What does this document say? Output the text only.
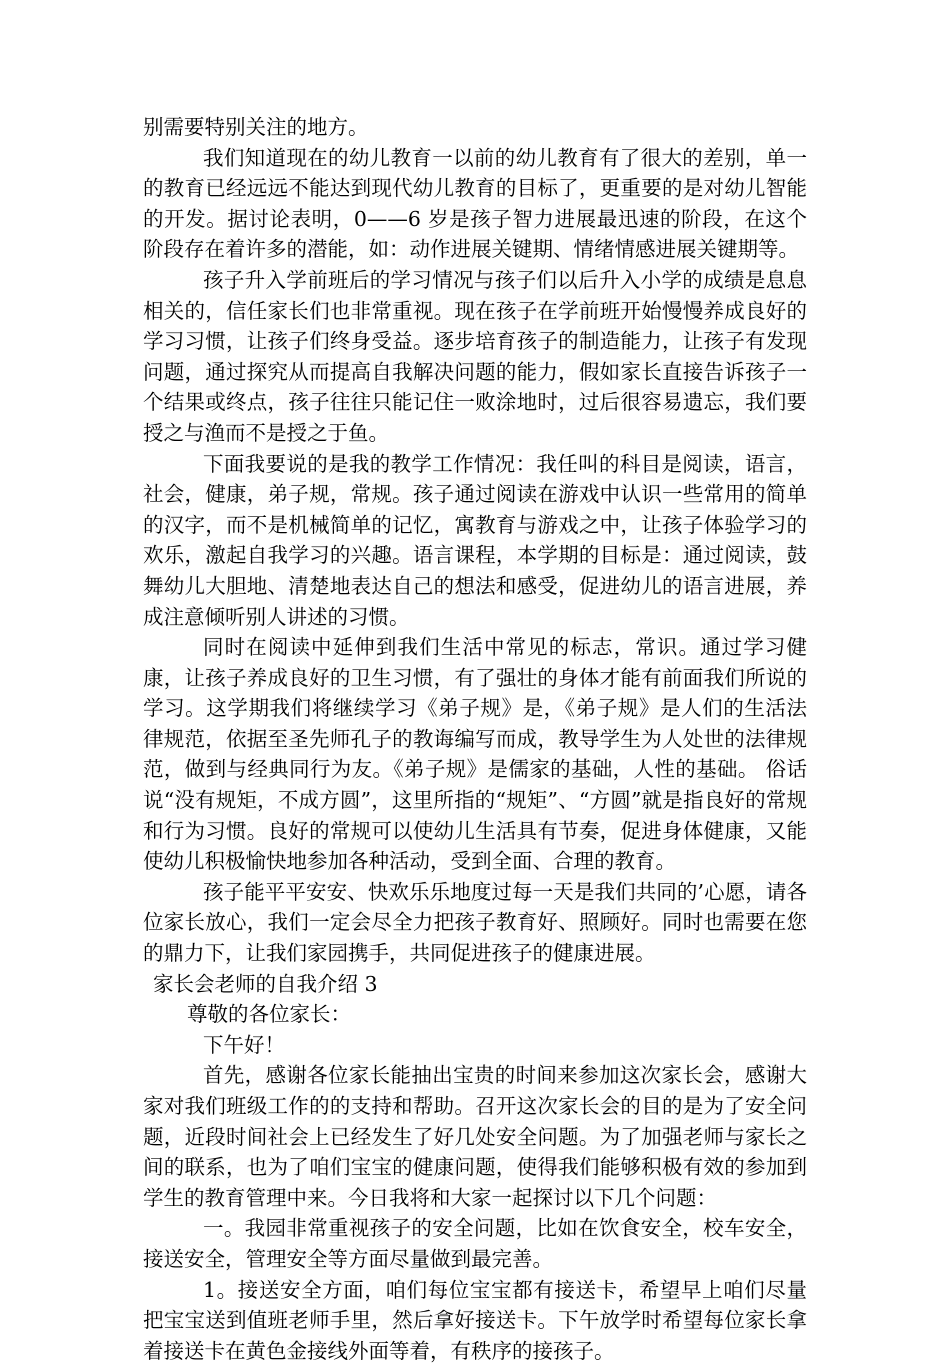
别需要特别关注的地方。

我们知道现在的幼儿教育一以前的幼儿教育有了很大的差别，单一的教育已经远远不能达到现代幼儿教育的目标了，更重要的是对幼儿智能的开发。据讨论表明，0——6 岁是孩子智力进展最迅速的阶段，在这个阶段存在着许多的潜能，如：动作进展关键期、情绪情感进展关键期等。

孩子升入学前班后的学习情况与孩子们以后升入小学的成绩是息息相关的，信任家长们也非常重视。现在孩子在学前班开始慢慢养成良好的学习习惯，让孩子们终身受益。逐步培育孩子的制造能力，让孩子有发现问题，通过探究从而提高自我解决问题的能力，假如家长直接告诉孩子一个结果或终点，孩子往往只能记住一败涂地时，过后很容易遗忘，我们要授之与渔而不是授之于鱼。

下面我要说的是我的教学工作情况：我任叫的科目是阅读，语言，社会，健康，弟子规，常规。孩子通过阅读在游戏中认识一些常用的简单的汉字，而不是机械简单的记忆，寓教育与游戏之中，让孩子体验学习的欢乐，激起自我学习的兴趣。语言课程，本学期的目标是：通过阅读，鼓舞幼儿大胆地、清楚地表达自己的想法和感受，促进幼儿的语言进展，养成注意倾听别人讲述的习惯。

同时在阅读中延伸到我们生活中常见的标志，常识。通过学习健康，让孩子养成良好的卫生习惯，有了强壮的身体才能有前面我们所说的学习。这学期我们将继续学习《弟子规》是，《弟子规》是人们的生活法律规范，依据至圣先师孔子的教诲编写而成，教导学生为人处世的法律规范，做到与经典同行为友。《弟子规》是儒家的基础，人性的基础。 俗话说“没有规矩，不成方圆”，这里所指的“规矩”、“方圆”就是指良好的常规和行为习惯。良好的常规可以使幼儿生活具有节奏，促进身体健康，又能使幼儿积极愉快地参加各种活动，受到全面、合理的教育。

孩子能平平安安、快欢乐乐地度过每一天是我们共同的’心愿，请各位家长放心，我们一定会尽全力把孩子教育好、照顾好。同时也需要在您的鼎力下，让我们家园携手，共同促进孩子的健康进展。

家长会老师的自我介绍 3

尊敬的各位家长：

下午好！

首先，感谢各位家长能抽出宝贵的时间来参加这次家长会，感谢大家对我们班级工作的的支持和帮助。召开这次家长会的目的是为了安全问题，近段时间社会上已经发生了好几处安全问题。为了加强老师与家长之间的联系，也为了咱们宝宝的健康问题，使得我们能够积极有效的参加到学生的教育管理中来。今日我将和大家一起探讨以下几个问题：

一。我园非常重视孩子的安全问题，比如在饮食安全，校车安全，接送安全，管理安全等方面尽量做到最完善。

1。接送安全方面，咱们每位宝宝都有接送卡，希望早上咱们尽量把宝宝送到值班老师手里，然后拿好接送卡。下午放学时希望每位家长拿着接送卡在黄色金接线外面等着，有秩序的接孩子。
